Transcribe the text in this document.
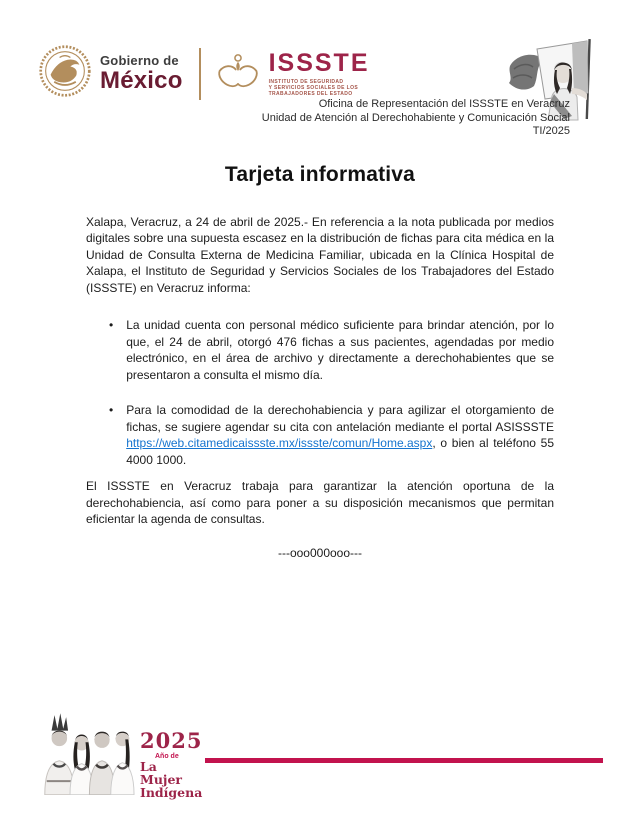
Gobierno de
México
ISSSTE
INSTITUTO DE SEGURIDAD
Y SERVICIOS SOCIALES DE LOS
TRABAJADORES DEL ESTADO
Oficina de Representación del ISSSTE en Veracruz
Unidad de Atención al Derechohabiente y Comunicación Social
TI/2025
Tarjeta informativa

Xalapa, Veracruz, a 24 de abril de 2025.- En referencia a la nota publicada por medios digitales sobre una supuesta escasez en la distribución de fichas para cita médica en la Unidad de Consulta Externa de Medicina Familiar, ubicada en la Clínica Hospital de Xalapa, el Instituto de Seguridad y Servicios Sociales de los Trabajadores del Estado (ISSSTE) en Veracruz informa:

• La unidad cuenta con personal médico suficiente para brindar atención, por lo que, el 24 de abril, otorgó 476 fichas a sus pacientes, agendadas por medio electrónico, en el área de archivo y directamente a derechohabientes que se presentaron a consulta el mismo día.

• Para la comodidad de la derechohabiencia y para agilizar el otorgamiento de fichas, se sugiere agendar su cita con antelación mediante el portal ASISSSTE https://web.citamedicaissste.mx/issste/comun/Home.aspx, o bien al teléfono 55 4000 1000.

El ISSSTE en Veracruz trabaja para garantizar la atención oportuna de la derechohabiencia, así como para poner a su disposición mecanismos que permitan eficientar la agenda de consultas.

---ooo000ooo---

2025
Año de
La Mujer
Indígena
